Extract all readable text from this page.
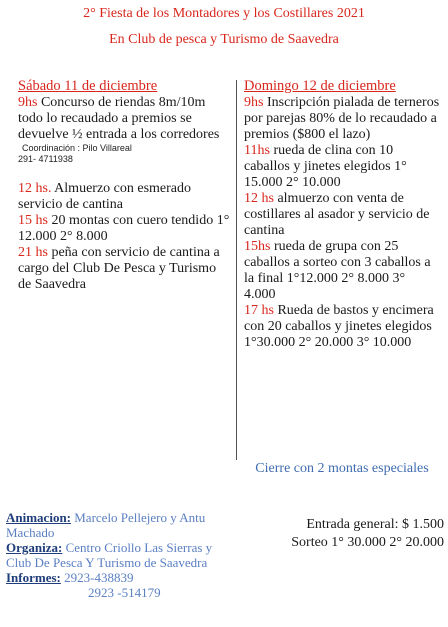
2° Fiesta de los Montadores y los Costillares 2021
En Club de pesca y Turismo de Saavedra
Sábado 11 de diciembre

9hs Concurso de riendas 8m/10m todo lo recaudado a premios se devuelve ½ entrada a los corredores

Coordinación : Pilo Villareal
291- 4711938

12 hs. Almuerzo con esmerado servicio de cantina

15 hs 20 montas con cuero tendido 1° 12.000 2° 8.000

21 hs peña con servicio de cantina a cargo del Club De Pesca y Turismo de Saavedra

Domingo 12 de diciembre

9hs Inscripción pialada de terneros por parejas 80% de lo recaudado a premios ($800 el lazo)

11hs rueda de clina con 10 caballos y jinetes elegidos 1° 15.000 2° 10.000

12 hs almuerzo con venta de costillares al asador y servicio de cantina

15hs rueda de grupa con 25 caballos a sorteo con 3 caballos a la final 1°12.000 2° 8.000 3° 4.000

17 hs Rueda de bastos y encimera con 20 caballos y jinetes elegidos 1°30.000 2° 20.000 3° 10.000

Cierre con 2 montas especiales
Entrada general: $ 1.500
Sorteo 1° 30.000 2° 20.000
Animacion: Marcelo Pellejero y Antu Machado
Organiza: Centro Criollo Las Sierras y Club De Pesca Y Turismo de Saavedra
Informes: 2923-438839
2923 -514179
